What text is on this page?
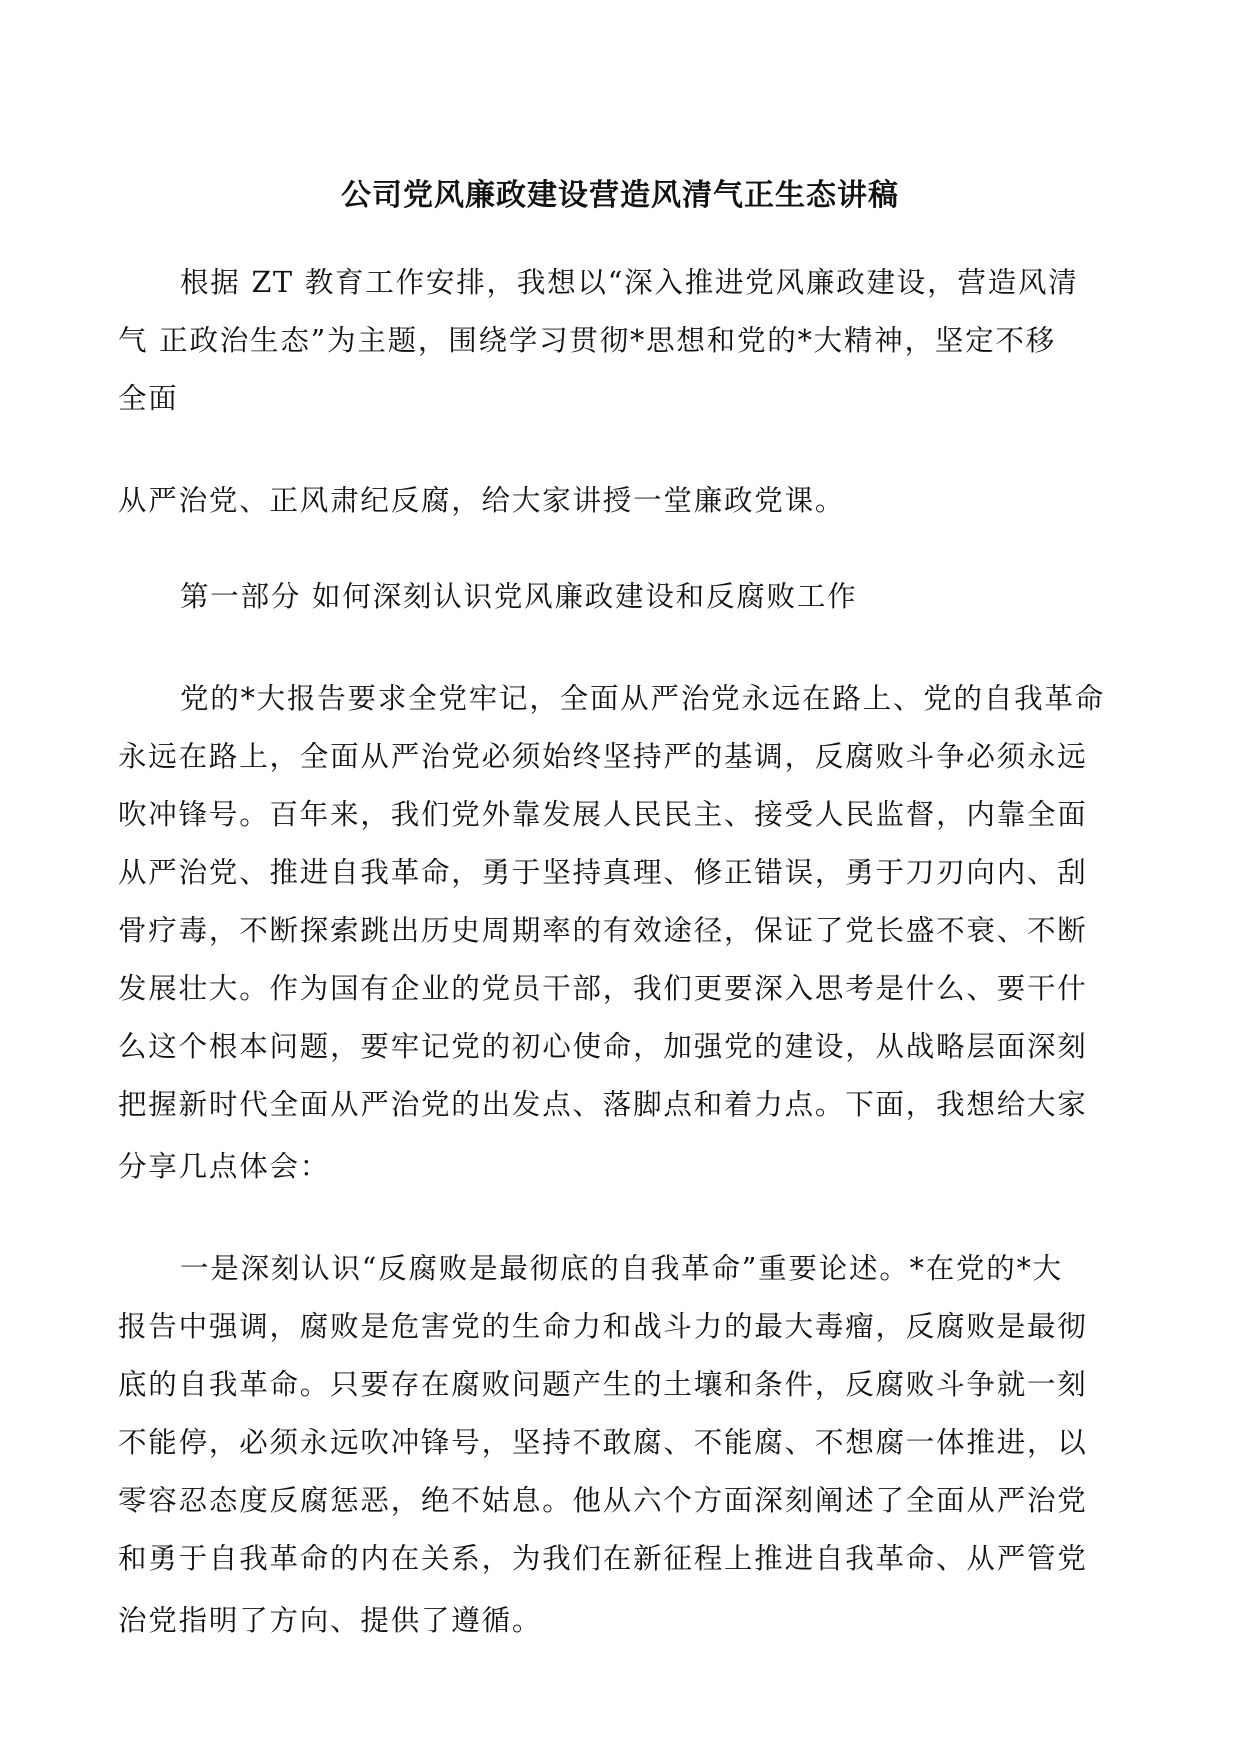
公司党风廉政建设营造风清气正生态讲稿
根据 ZT 教育工作安排，我想以“深入推进党风廉政建设，营造风清
气 正政治生态”为主题，围绕学习贯彻*思想和党的*大精神，坚定不移
全面
从严治党、正风肃纪反腐，给大家讲授一堂廉政党课。
第一部分 如何深刻认识党风廉政建设和反腐败工作
党的*大报告要求全党牢记，全面从严治党永远在路上、党的自我革命
永远在路上，全面从严治党必须始终坚持严的基调，反腐败斗争必须永远
吹冲锋号。百年来，我们党外靠发展人民民主、接受人民监督，内靠全面
从严治党、推进自我革命，勇于坚持真理、修正错误，勇于刀刃向内、刮
骨疗毒，不断探索跳出历史周期率的有效途径，保证了党长盛不衰、不断
发展壮大。作为国有企业的党员干部，我们更要深入思考是什么、要干什
么这个根本问题，要牢记党的初心使命，加强党的建设，从战略层面深刻
把握新时代全面从严治党的出发点、落脚点和着力点。下面，我想给大家
分享几点体会：
一是深刻认识“反腐败是最彻底的自我革命”重要论述。*在党的*大
报告中强调，腐败是危害党的生命力和战斗力的最大毒瘤，反腐败是最彻
底的自我革命。只要存在腐败问题产生的土壤和条件，反腐败斗争就一刻
不能停，必须永远吹冲锋号，坚持不敢腐、不能腐、不想腐一体推进，以
零容忍态度反腐惩恶，绝不姑息。他从六个方面深刻阐述了全面从严治党
和勇于自我革命的内在关系，为我们在新征程上推进自我革命、从严管党
治党指明了方向、提供了遵循。
